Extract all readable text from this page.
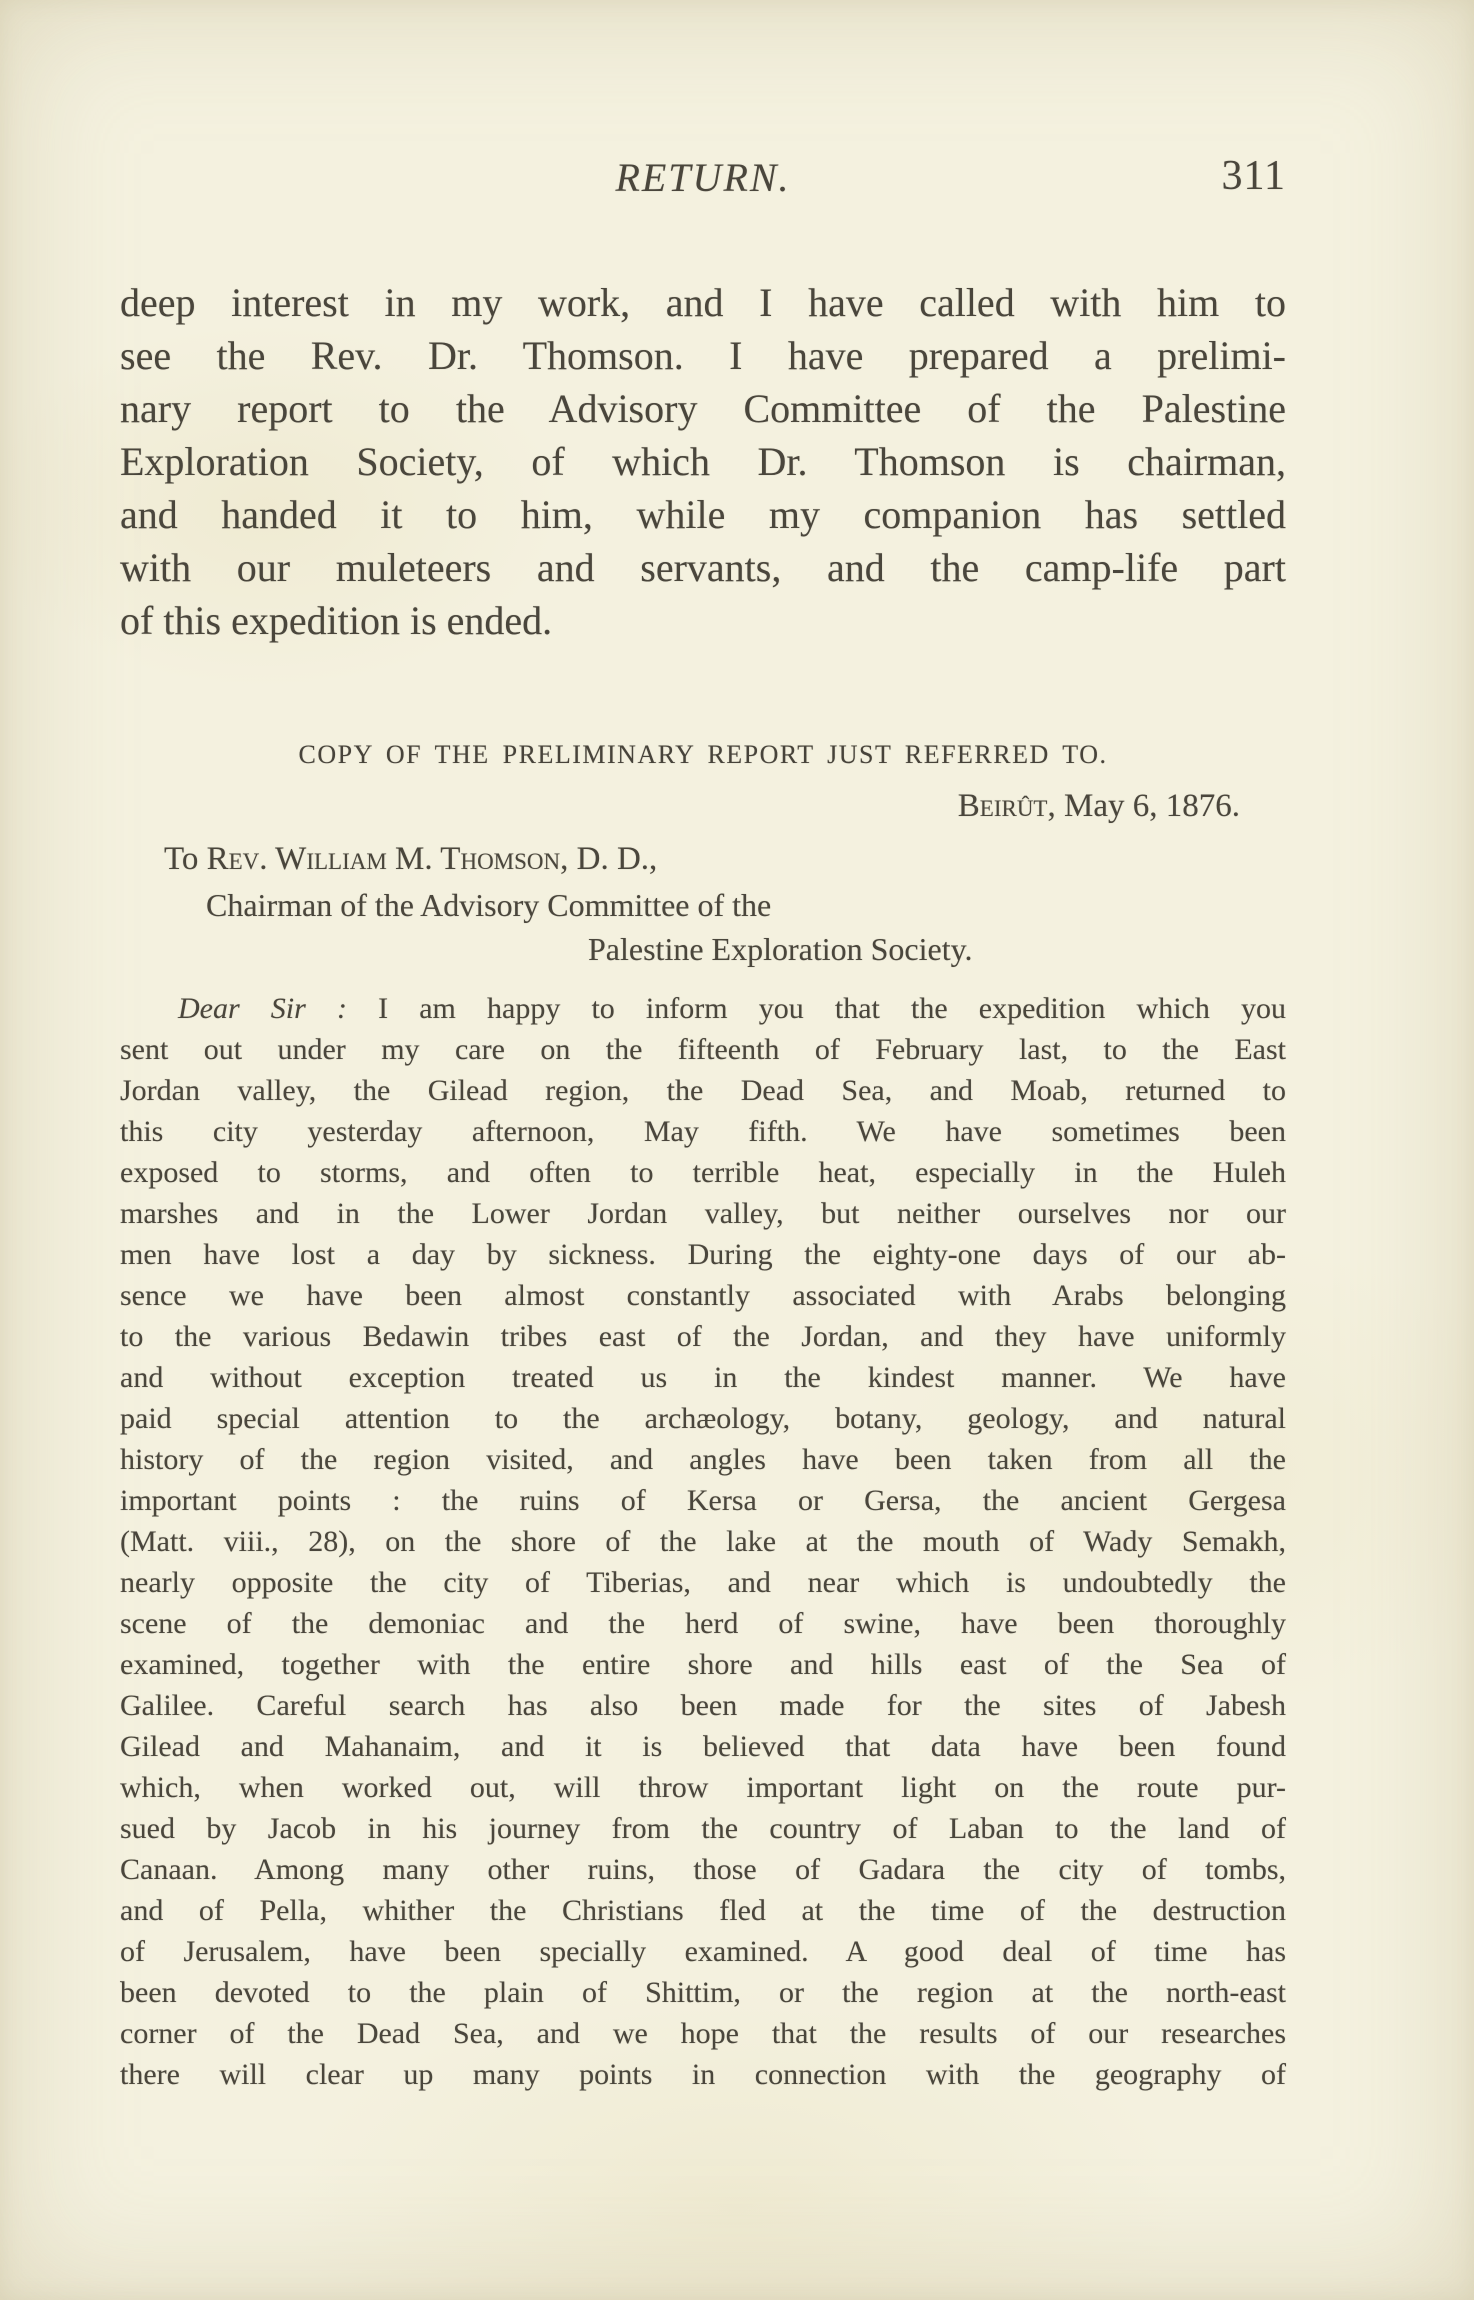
RETURN.	311
deep interest in my work, and I have called with him to
see the Rev. Dr. Thomson. I have prepared a prelimi-
nary report to the Advisory Committee of the Palestine
Exploration Society, of which Dr. Thomson is chairman,
and handed it to him, while my companion has settled
with our muleteers and servants, and the camp-life part
of this expedition is ended.
COPY OF THE PRELIMINARY REPORT JUST REFERRED TO.
Beirût, May 6, 1876.
To Rev. William M. Thomson, D. D.,
Chairman of the Advisory Committee of the
Palestine Exploration Society.
Dear Sir : I am happy to inform you that the expedition which you
sent out under my care on the fifteenth of February last, to the East
Jordan valley, the Gilead region, the Dead Sea, and Moab, returned to
this city yesterday afternoon, May fifth. We have sometimes been
exposed to storms, and often to terrible heat, especially in the Huleh
marshes and in the Lower Jordan valley, but neither ourselves nor our
men have lost a day by sickness. During the eighty-one days of our ab-
sence we have been almost constantly associated with Arabs belonging
to the various Bedawin tribes east of the Jordan, and they have uniformly
and without exception treated us in the kindest manner. We have
paid special attention to the archæology, botany, geology, and natural
history of the region visited, and angles have been taken from all the
important points : the ruins of Kersa or Gersa, the ancient Gergesa
(Matt. viii., 28), on the shore of the lake at the mouth of Wady Semakh,
nearly opposite the city of Tiberias, and near which is undoubtedly the
scene of the demoniac and the herd of swine, have been thoroughly
examined, together with the entire shore and hills east of the Sea of
Galilee. Careful search has also been made for the sites of Jabesh
Gilead and Mahanaim, and it is believed that data have been found
which, when worked out, will throw important light on the route pur-
sued by Jacob in his journey from the country of Laban to the land of
Canaan. Among many other ruins, those of Gadara the city of tombs,
and of Pella, whither the Christians fled at the time of the destruction
of Jerusalem, have been specially examined. A good deal of time has
been devoted to the plain of Shittim, or the region at the north-east
corner of the Dead Sea, and we hope that the results of our researches
there will clear up many points in connection with the geography of
